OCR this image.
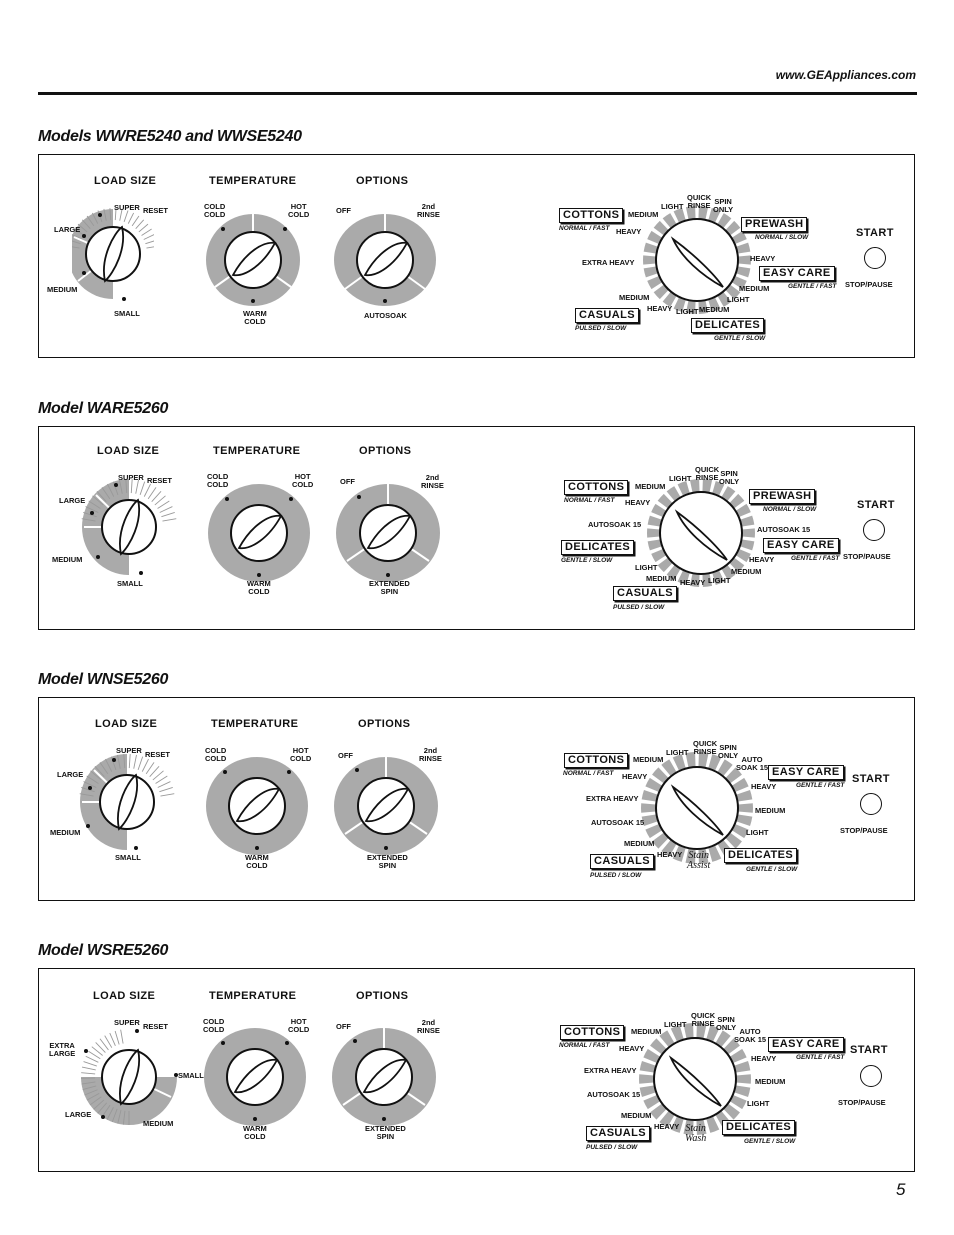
www.GEAppliances.com
Models WWRE5240 and WWSE5240
LOAD SIZE	TEMPERATURE	OPTIONS
SUPER RESET
LARGE
MEDIUM
SMALL
COLD
COLD
HOT
COLD
WARM
COLD
OFF	2nd
RINSE
AUTOSOAK
COTTONS
NORMAL / FAST
MEDIUM
HEAVY
LIGHT
QUICK
RINSE SPIN
ONLY
EXTRA HEAVY
PREWASH
NORMAL / SLOW
HEAVY
EASY CARE
GENTLE / FAST
MEDIUM
LIGHT
MEDIUM
HEAVY LIGHT MEDIUM
CASUALS
PULSED / SLOW	DELICATES
GENTLE / SLOW
START
STOP/PAUSE
Model WARE5260
LOAD SIZE	TEMPERATURE	OPTIONS
SUPER RESET
LARGE
MEDIUM
SMALL
COLD
COLD
HOT
COLD
WARM
COLD
OFF	2nd
RINSE
EXTENDED
SPIN
COTTONS
NORMAL / FAST
MEDIUM
LIGHT
QUICK
RINSE SPIN
ONLY
HEAVY
AUTOSOAK 15
PREWASH
NORMAL / SLOW
AUTOSOAK 15
DELICATES
GENTLE / SLOW
EASY CARE
GENTLE / FAST
HEAVY
MEDIUM
LIGHT
MEDIUM HEAVY LIGHT
CASUALS
PULSED / SLOW
START
STOP/PAUSE
Model WNSE5260
LOAD SIZE	TEMPERATURE	OPTIONS
SUPER RESET
LARGE
MEDIUM
SMALL
COLD
COLD
HOT
COLD
WARM
COLD
OFF
2nd
RINSE
EXTENDED
SPIN
COTTONS
NORMAL / FAST
MEDIUM
HEAVY
LIGHT
QUICK
RINSE SPIN
ONLY AUTO
SOAK 15 EASY CARE
GENTLE / FAST
HEAVY
MEDIUM
LIGHT
EXTRA HEAVY
AUTOSOAK 15
MEDIUM
HEAVY Stain
Assist
CASUALS
PULSED / SLOW
DELICATES
GENTLE / SLOW
START
STOP/PAUSE
Model WSRE5260
LOAD SIZE	TEMPERATURE	OPTIONS
SUPER RESET
EXTRA
LARGE
SMALL
LARGE
MEDIUM
COLD
COLD
HOT
COLD
WARM
COLD
OFF	2nd
RINSE
EXTENDED
SPIN
COTTONS
NORMAL / FAST
MEDIUM
HEAVY
LIGHT
QUICK
RINSE SPIN
ONLY AUTO
SOAK 15 EASY CARE
GENTLE / FAST
HEAVY
MEDIUM
LIGHT
EXTRA HEAVY
AUTOSOAK 15
MEDIUM
HEAVY Stain
Wash
CASUALS
PULSED / SLOW
DELICATES
GENTLE / SLOW
START
STOP/PAUSE
5
